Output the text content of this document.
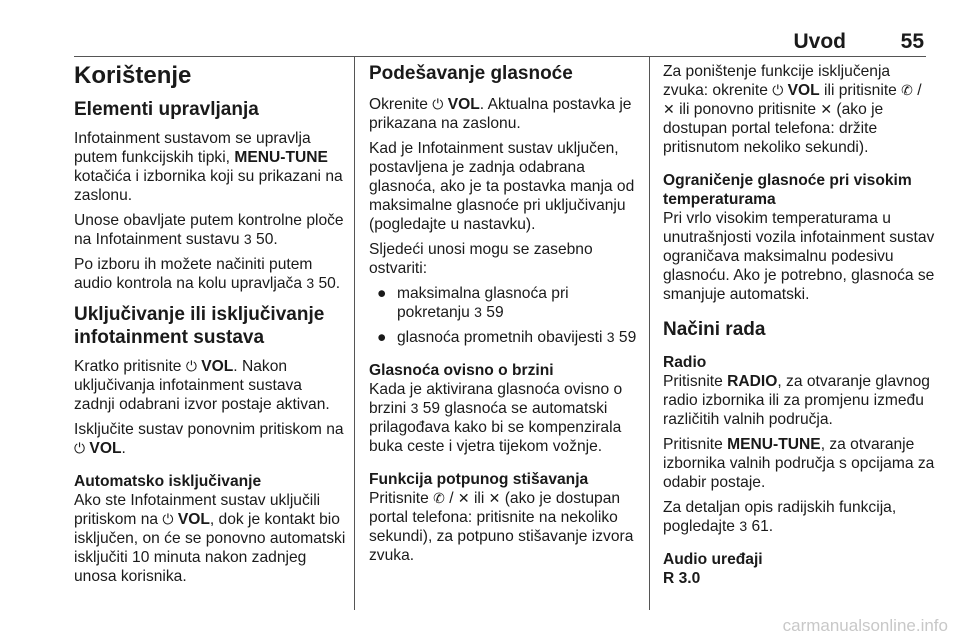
Uvod	55
Korištenje
Elementi upravljanja

Infotainment sustavom se upravlja putem funkcijskih tipki, MENU-TUNE kotačića i izbornika koji su prikazani na zaslonu.

Unose obavljate putem kontrolne ploče na Infotainment sustavu 3 50.

Po izboru ih možete načiniti putem audio kontrola na kolu upravljača 3 50.

Uključivanje ili isključivanje infotainment sustava

Kratko pritisnite ⏻ VOL. Nakon uključivanja infotainment sustava zadnji odabrani izvor postaje aktivan.

Isključite sustav ponovnim pritiskom na ⏻ VOL.

Automatsko isključivanje

Ako ste Infotainment sustav uključili pritiskom na ⏻ VOL, dok je kontakt bio isključen, on će se ponovno automatski isključiti 10 minuta nakon zadnjeg unosa korisnika.

Podešavanje glasnoće

Okrenite ⏻ VOL. Aktualna postavka je prikazana na zaslonu.

Kad je Infotainment sustav uključen, postavljena je zadnja odabrana glasnoća, ako je ta postavka manja od maksimalne glasnoće pri uključivanju (pogledajte u nastavku).

Sljedeći unosi mogu se zasebno ostvariti:

● maksimalna glasnoća pri pokretanju 3 59
● glasnoća prometnih obavijesti 3 59
Glasnoća ovisno o brzini

Kada je aktivirana glasnoća ovisno o brzini 3 59 glasnoća se automatski prilagođava kako bi se kompenzirala buka ceste i vjetra tijekom vožnje.

Funkcija potpunog stišavanja

Pritisnite ✆ / ✕ ili ✕ (ako je dostupan portal telefona: pritisnite na nekoliko sekundi), za potpuno stišavanje izvora zvuka.

Za poništenje funkcije isključenja zvuka: okrenite ⏻ VOL ili pritisnite ✆ / ✕ ili ponovno pritisnite ✕ (ako je dostupan portal telefona: držite pritisnutom nekoliko sekundi).

Ograničenje glasnoće pri visokim temperaturama

Pri vrlo visokim temperaturama u unutrašnjosti vozila infotainment sustav ograničava maksimalnu podesivu glasnoću. Ako je potrebno, glasnoća se smanjuje automatski.

Načini rada
Radio

Pritisnite RADIO, za otvaranje glavnog radio izbornika ili za promjenu između različitih valnih područja.

Pritisnite MENU-TUNE, za otvaranje izbornika valnih područja s opcijama za odabir postaje.

Za detaljan opis radijskih funkcija, pogledajte 3 61.

Audio uređaji
R 3.0
carmanualsonline.info
